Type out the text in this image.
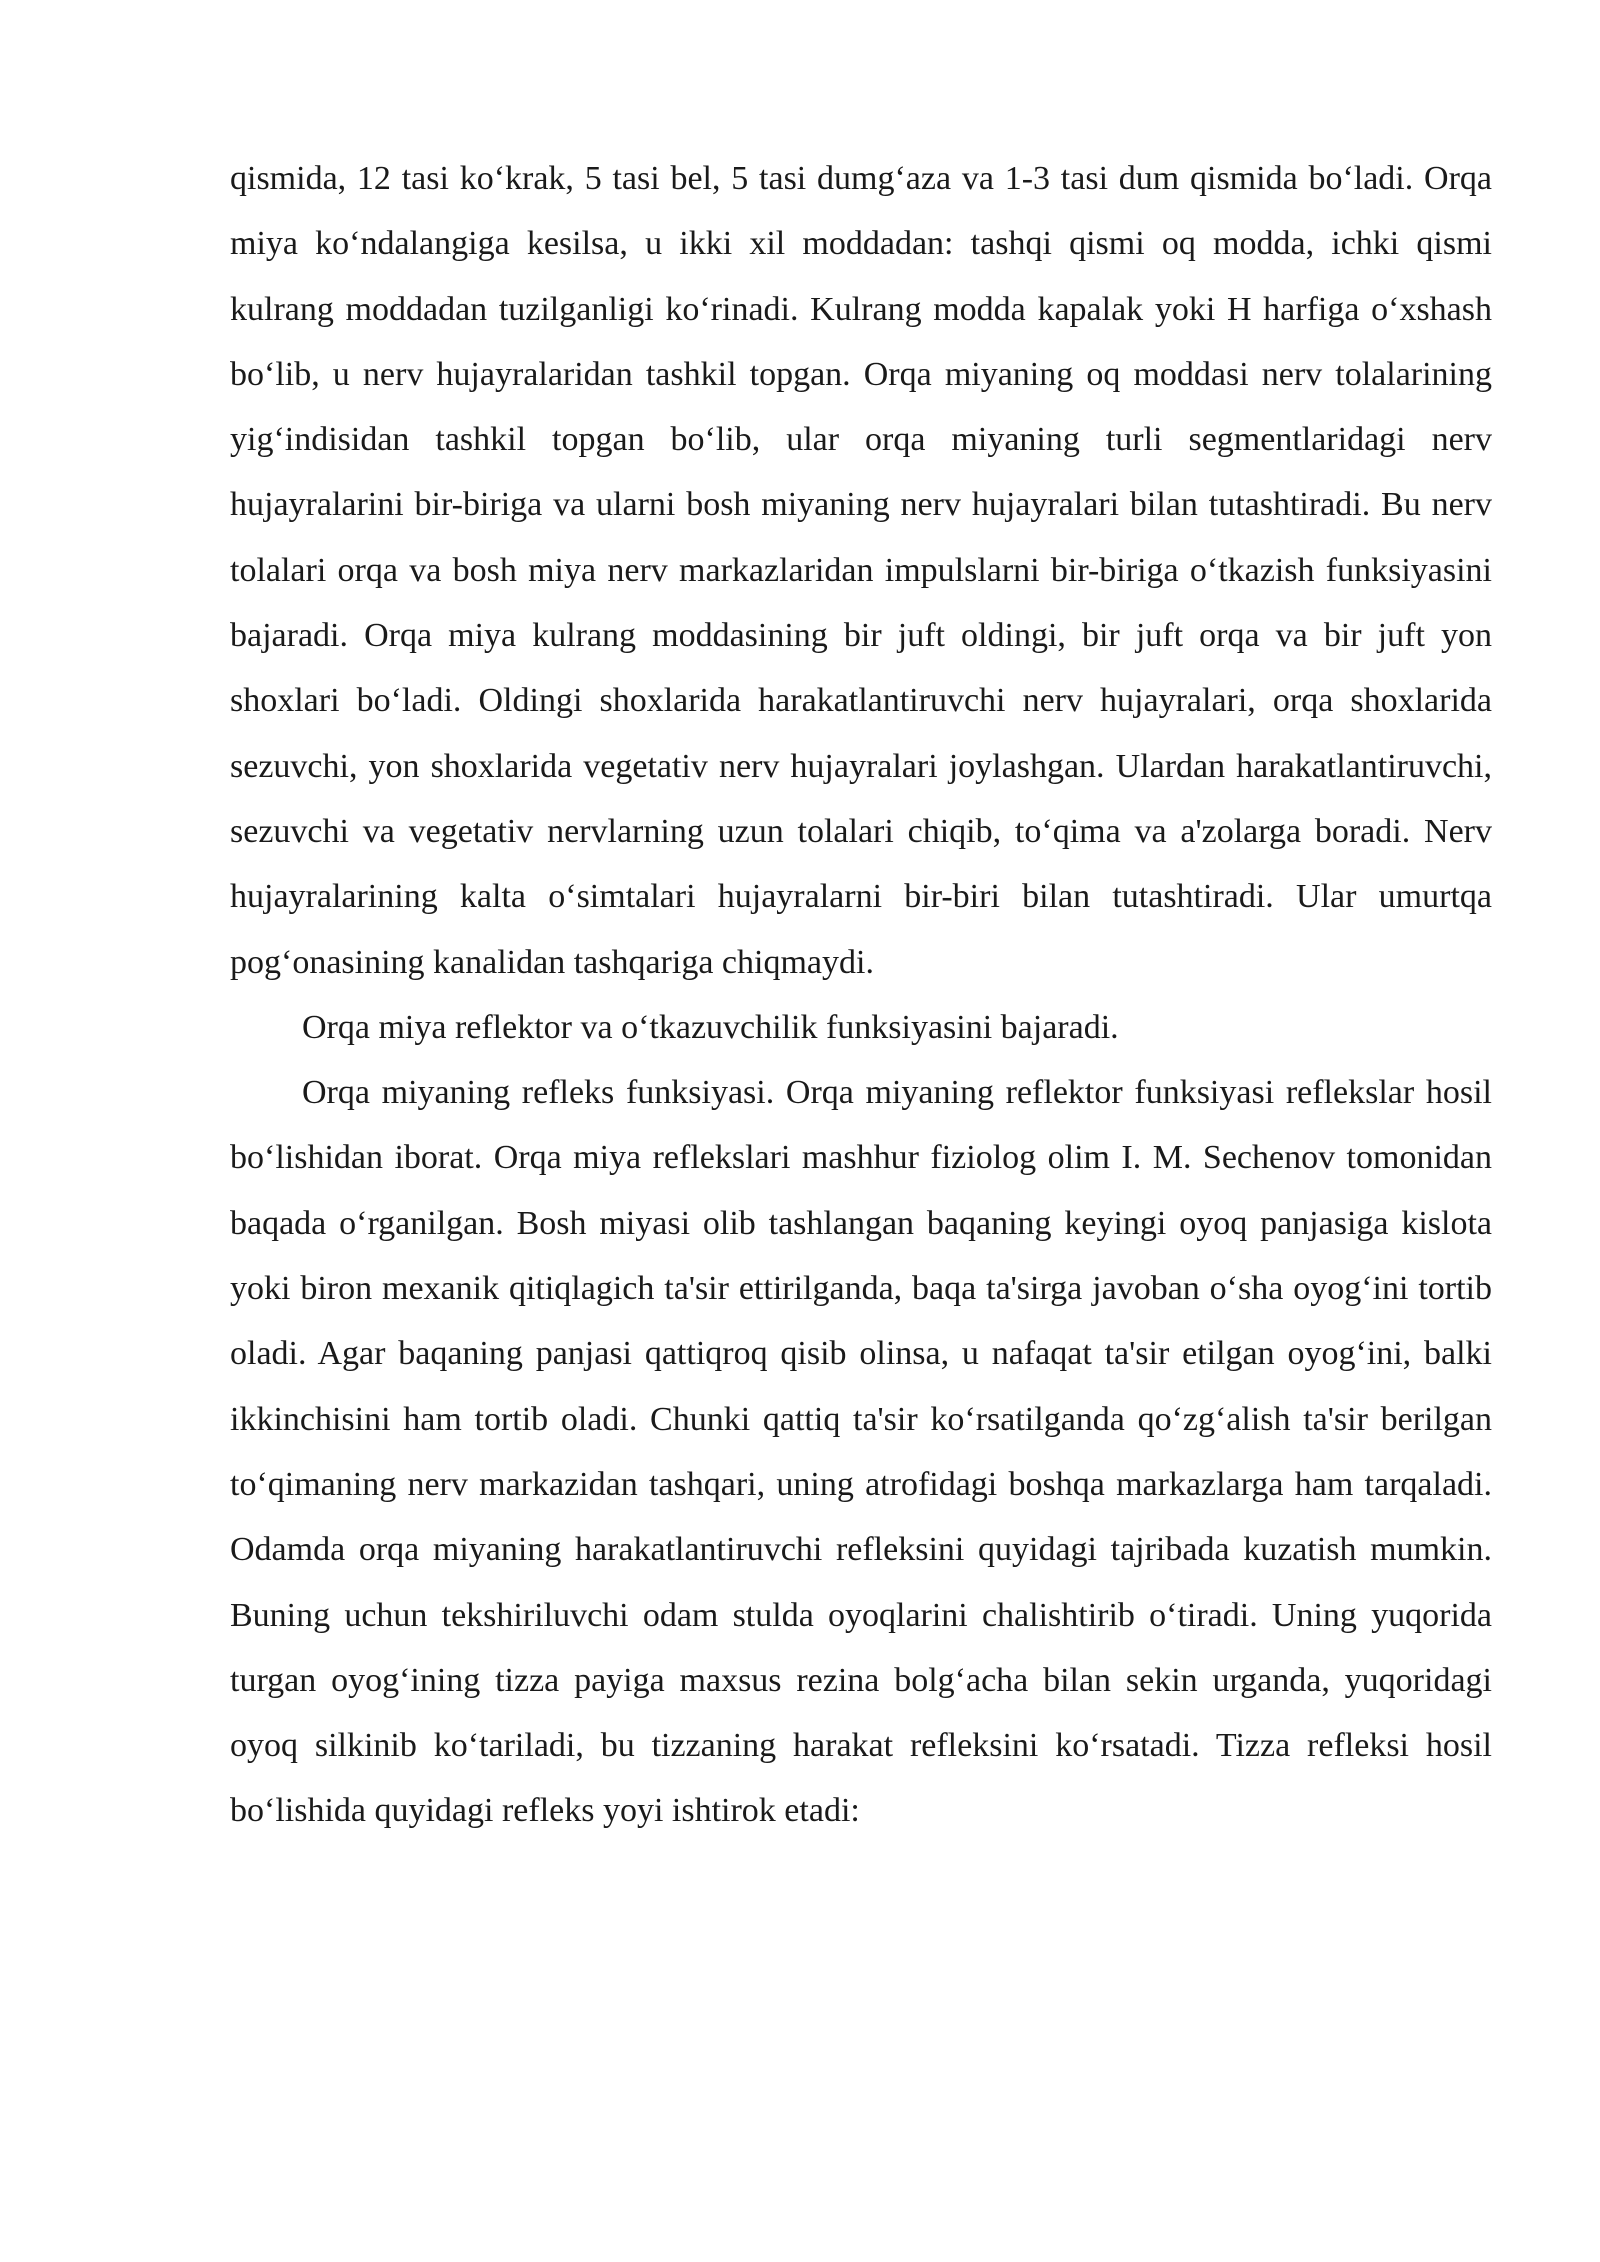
qismida, 12 tasi ko‘krak, 5 tasi bel, 5 tasi dumg‘aza va 1-3 tasi dum qismida bo‘ladi. Orqa miya ko‘ndalangiga kesilsa, u ikki xil moddadan: tashqi qismi oq modda, ichki qismi kulrang moddadan tuzilganligi ko‘rinadi. Kulrang modda kapalak yoki H harfiga o‘xshash bo‘lib, u nerv hujayralaridan tashkil topgan. Orqa miyaning oq moddasi nerv tolalarining yig‘indisidan tashkil topgan bo‘lib, ular orqa miyaning turli segmentlaridagi nerv hujayralarini bir-biriga va ularni bosh miyaning nerv hujayralari bilan tutashtiradi. Bu nerv tolalari orqa va bosh miya nerv markazlaridan impulslarni bir-biriga o‘tkazish funksiyasini bajaradi. Orqa miya kulrang moddasining bir juft oldingi, bir juft orqa va bir juft yon shoxlari bo‘ladi. Oldingi shoxlarida harakatlantiruvchi nerv hujayralari, orqa shoxlarida sezuvchi, yon shoxlarida vegetativ nerv hujayralari joylashgan. Ulardan harakatlantiruvchi, sezuvchi va vegetativ nervlarning uzun tolalari chiqib, to‘qima va a'zolarga boradi. Nerv hujayralarining kalta o‘simtalari hujayralarni bir-biri bilan tutashtiradi. Ular umurtqa pog‘onasining kanalidan tashqariga chiqmaydi.

Orqa miya reflektor va o‘tkazuvchilik funksiyasini bajaradi.

Orqa miyaning refleks funksiyasi. Orqa miyaning reflektor funksiyasi reflekslar hosil bo‘lishidan iborat. Orqa miya reflekslari mashhur fiziolog olim I. M. Sechenov tomonidan baqada o‘rganilgan. Bosh miyasi olib tashlangan baqaning keyingi oyoq panjasiga kislota yoki biron mexanik qitiqlagich ta'sir ettirilganda, baqa ta'sirga javoban o‘sha oyog‘ini tortib oladi. Agar baqaning panjasi qattiqroq qisib olinsa, u nafaqat ta'sir etilgan oyog‘ini, balki ikkinchisini ham tortib oladi. Chunki qattiq ta'sir ko‘rsatilganda qo‘zg‘alish ta'sir berilgan to‘qimaning nerv markazidan tashqari, uning atrofidagi boshqa markazlarga ham tarqaladi. Odamda orqa miyaning harakatlantiruvchi refleksini quyidagi tajribada kuzatish mumkin. Buning uchun tekshiriluvchi odam stulda oyoqlarini chalishtirib o‘tiradi. Uning yuqorida turgan oyog‘ining tizza payiga maxsus rezina bolg‘acha bilan sekin urganda, yuqoridagi oyoq silkinib ko‘tariladi, bu tizzaning harakat refleksini ko‘rsatadi. Tizza refleksi hosil bo‘lishida quyidagi refleks yoyi ishtirok etadi:
